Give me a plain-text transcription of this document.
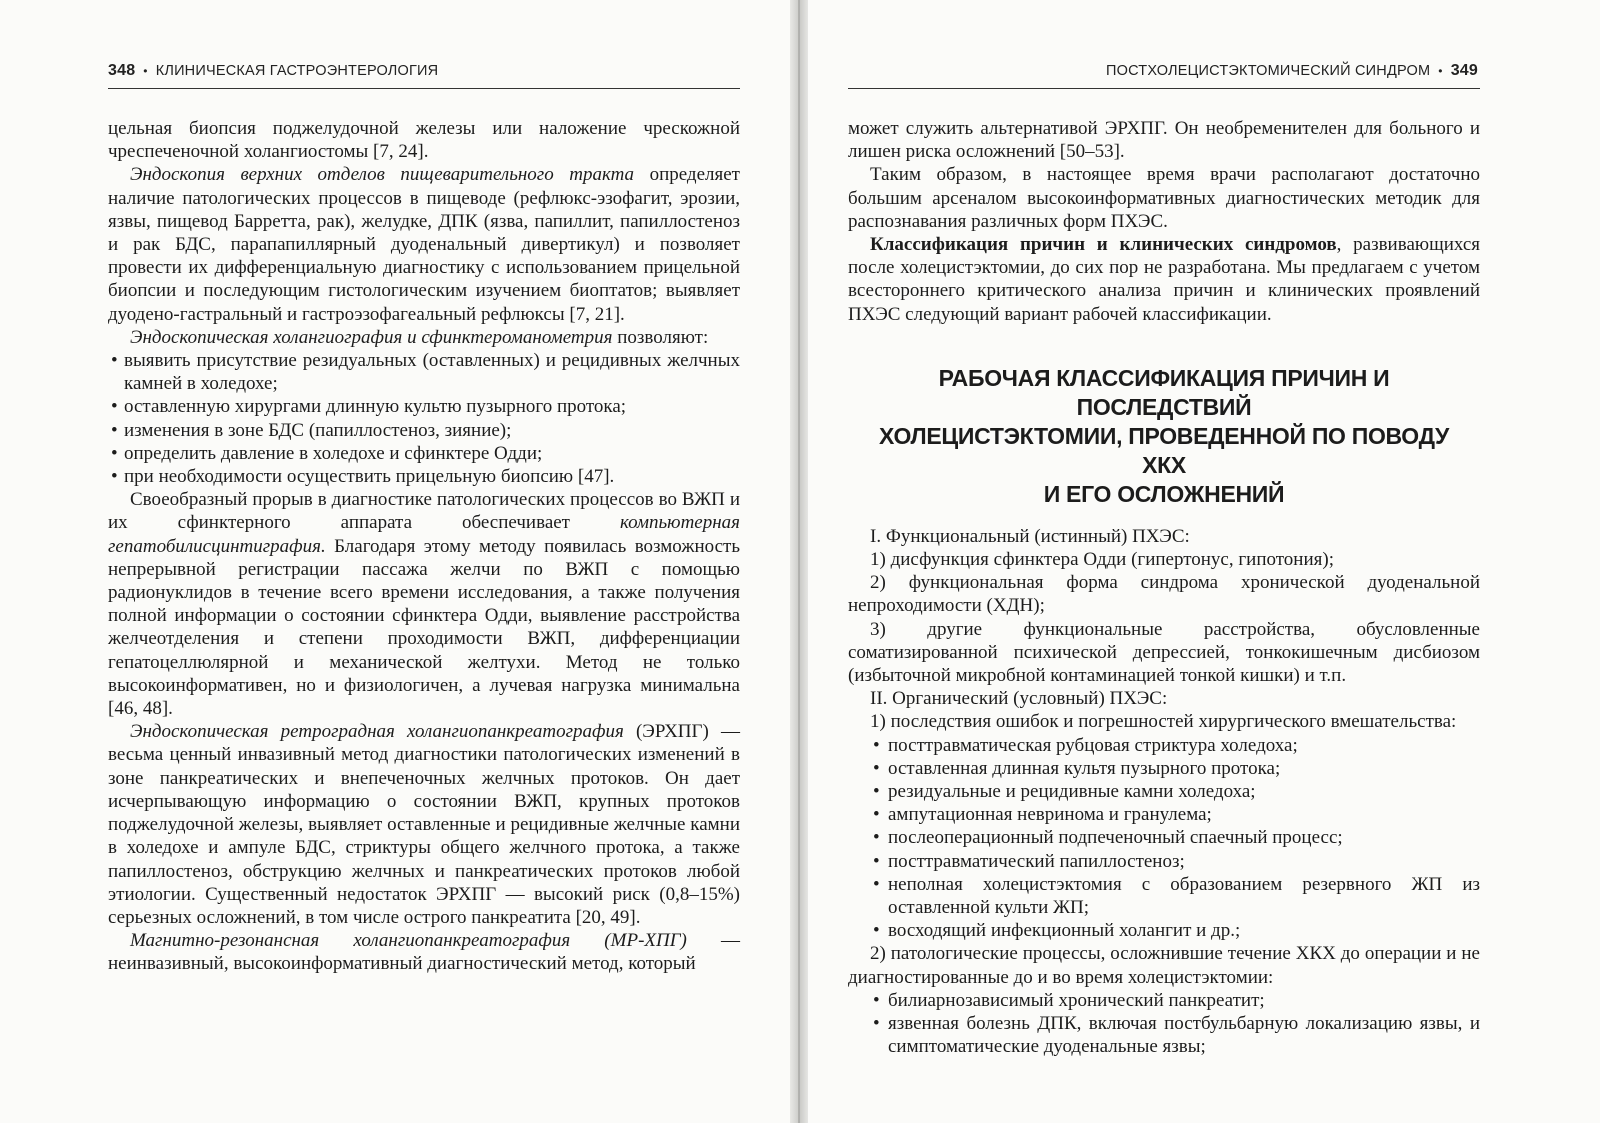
348 • КЛИНИЧЕСКАЯ ГАСТРОЭНТЕРОЛОГИЯ

цельная биопсия поджелудочной железы или наложение чрескожной чреспеченочной холангиостомы [7, 24].

Эндоскопия верхних отделов пищеварительного тракта определяет наличие патологических процессов в пищеводе (рефлюкс-эзофагит, эрозии, язвы, пищевод Барретта, рак), желудке, ДПК (язва, папиллит, папиллостеноз и рак БДС, парапапиллярный дуоденальный дивертикул) и позволяет провести их дифференциальную диагностику с использованием прицельной биопсии и последующим гистологическим изучением биоптатов; выявляет дуодено-гастральный и гастроэзофагеальный рефлюксы [7, 21].

Эндоскопическая холангиография и сфинктероманометрия позволяют:

• выявить присутствие резидуальных (оставленных) и рецидивных желчных камней в холедохе;
• оставленную хирургами длинную культю пузырного протока;
• изменения в зоне БДС (папиллостеноз, зияние);
• определить давление в холедохе и сфинктере Одди;
• при необходимости осуществить прицельную биопсию [47].

Своеобразный прорыв в диагностике патологических процессов во ВЖП и их сфинктерного аппарата обеспечивает компьютерная гепатобилисцинтиграфия. Благодаря этому методу появилась возможность непрерывной регистрации пассажа желчи по ВЖП с помощью радионуклидов в течение всего времени исследования, а также получения полной информации о состоянии сфинктера Одди, выявление расстройства желчеотделения и степени проходимости ВЖП, дифференциации гепатоцеллюлярной и механической желтухи. Метод не только высокоинформативен, но и физиологичен, а лучевая нагрузка минимальна [46, 48].

Эндоскопическая ретроградная холангиопанкреатография (ЭРХПГ) — весьма ценный инвазивный метод диагностики патологических изменений в зоне панкреатических и внепеченочных желчных протоков. Он дает исчерпывающую информацию о состоянии ВЖП, крупных протоков поджелудочной железы, выявляет оставленные и рецидивные желчные камни в холедохе и ампуле БДС, стриктуры общего желчного протока, а также папиллостеноз, обструкцию желчных и панкреатических протоков любой этиологии. Существенный недостаток ЭРХПГ — высокий риск (0,8–15%) серьезных осложнений, в том числе острого панкреатита [20, 49].

Магнитно-резонансная холангиопанкреатография (МР-ХПГ) — неинвазивный, высокоинформативный диагностический метод, который

ПОСТХОЛЕЦИСТЭКТОМИЧЕСКИЙ СИНДРОМ • 349

может служить альтернативой ЭРХПГ. Он необременителен для больного и лишен риска осложнений [50–53].

Таким образом, в настоящее время врачи располагают достаточно большим арсеналом высокоинформативных диагностических методик для распознавания различных форм ПХЭС.

Классификация причин и клинических синдромов, развивающихся после холецистэктомии, до сих пор не разработана. Мы предлагаем с учетом всестороннего критического анализа причин и клинических проявлений ПХЭС следующий вариант рабочей классификации.

РАБОЧАЯ КЛАССИФИКАЦИЯ ПРИЧИН И ПОСЛЕДСТВИЙ
ХОЛЕЦИСТЭКТОМИИ, ПРОВЕДЕННОЙ ПО ПОВОДУ ХКХ
И ЕГО ОСЛОЖНЕНИЙ

I. Функциональный (истинный) ПХЭС:

1) дисфункция сфинктера Одди (гипертонус, гипотония);

2) функциональная форма синдрома хронической дуоденальной непроходимости (ХДН);

3) другие функциональные расстройства, обусловленные соматизированной психической депрессией, тонкокишечным дисбиозом (избыточной микробной контаминацией тонкой кишки) и т.п.

II. Органический (условный) ПХЭС:

1) последствия ошибок и погрешностей хирургического вмешательства:

• посттравматическая рубцовая стриктура холедоха;
• оставленная длинная культя пузырного протока;
• резидуальные и рецидивные камни холедоха;
• ампутационная невринома и гранулема;
• послеоперационный подпеченочный спаечный процесс;
• посттравматический папиллостеноз;
• неполная холецистэктомия с образованием резервного ЖП из оставленной культи ЖП;
• восходящий инфекционный холангит и др.;

2) патологические процессы, осложнившие течение ХКХ до операции и не диагностированные до и во время холецистэктомии:

• билиарнозависимый хронический панкреатит;
• язвенная болезнь ДПК, включая постбульбарную локализацию язвы, и симптоматические дуоденальные язвы;
